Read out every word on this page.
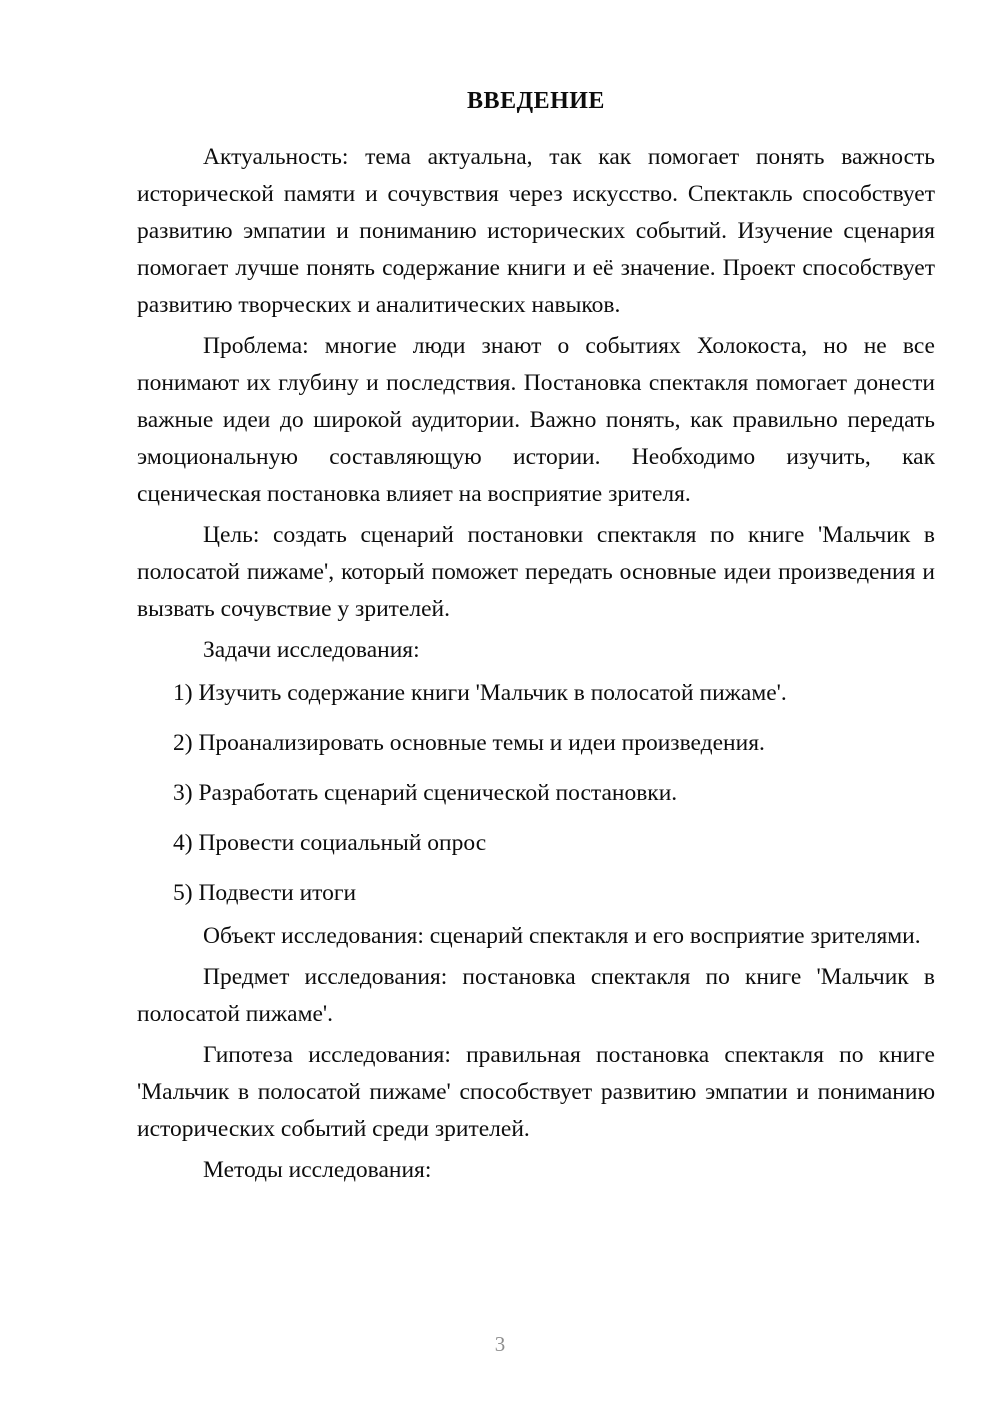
ВВЕДЕНИЕ

Актуальность: тема актуальна, так как помогает понять важность исторической памяти и сочувствия через искусство. Спектакль способствует развитию эмпатии и пониманию исторических событий. Изучение сценария помогает лучше понять содержание книги и её значение. Проект способствует развитию творческих и аналитических навыков.

Проблема: многие люди знают о событиях Холокоста, но не все понимают их глубину и последствия. Постановка спектакля помогает донести важные идеи до широкой аудитории. Важно понять, как правильно передать эмоциональную составляющую истории. Необходимо изучить, как сценическая постановка влияет на восприятие зрителя.

Цель: создать сценарий постановки спектакля по книге 'Мальчик в полосатой пижаме', который поможет передать основные идеи произведения и вызвать сочувствие у зрителей.

Задачи исследования:

1) Изучить содержание книги 'Мальчик в полосатой пижаме'.
2) Проанализировать основные темы и идеи произведения.
3) Разработать сценарий сценической постановки.
4) Провести социальный опрос
5) Подвести итоги

Объект исследования: сценарий спектакля и его восприятие зрителями.

Предмет исследования: постановка спектакля по книге 'Мальчик в полосатой пижаме'.

Гипотеза исследования: правильная постановка спектакля по книге 'Мальчик в полосатой пижаме' способствует развитию эмпатии и пониманию исторических событий среди зрителей.

Методы исследования:

3
